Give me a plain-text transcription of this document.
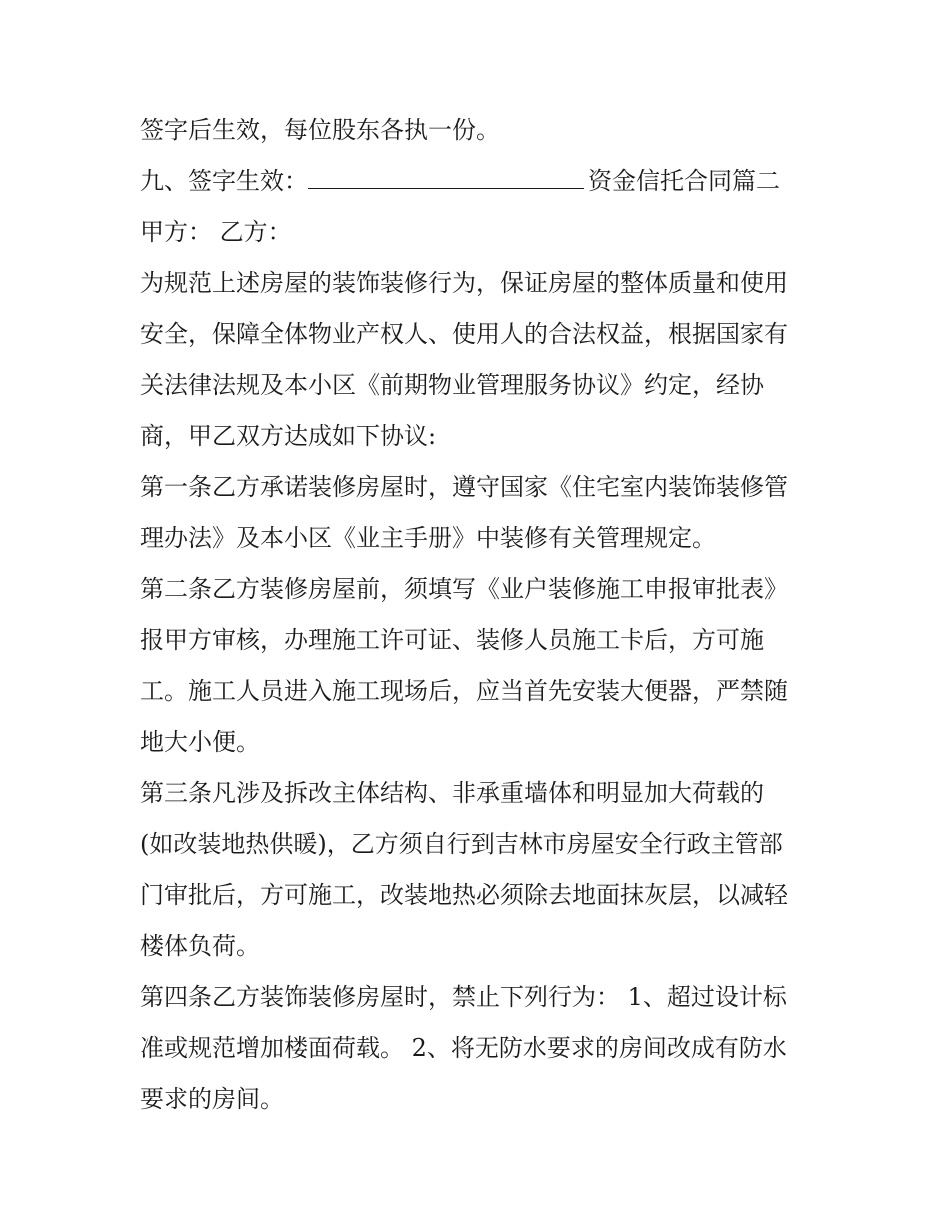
签字后生效，每位股东各执一份。
九、签字生效：	资金信托合同篇二
甲方： 乙方：
为规范上述房屋的装饰装修行为，保证房屋的整体质量和使用
安全，保障全体物业产权人、使用人的合法权益，根据国家有
关法律法规及本小区《前期物业管理服务协议》约定，经协
商，甲乙双方达成如下协议:
第一条乙方承诺装修房屋时，遵守国家《住宅室内装饰装修管
理办法》及本小区《业主手册》中装修有关管理规定。
第二条乙方装修房屋前，须填写《业户装修施工申报审批表》
报甲方审核，办理施工许可证、装修人员施工卡后，方可施
工。施工人员进入施工现场后，应当首先安装大便器，严禁随
地大小便。
第三条凡涉及拆改主体结构、非承重墙体和明显加大荷载的
(如改装地热供暖)，乙方须自行到吉林市房屋安全行政主管部
门审批后，方可施工，改装地热必须除去地面抹灰层，以减轻
楼体负荷。
第四条乙方装饰装修房屋时，禁止下列行为： 1、超过设计标
准或规范增加楼面荷载。 2、将无防水要求的房间改成有防水
要求的房间。
